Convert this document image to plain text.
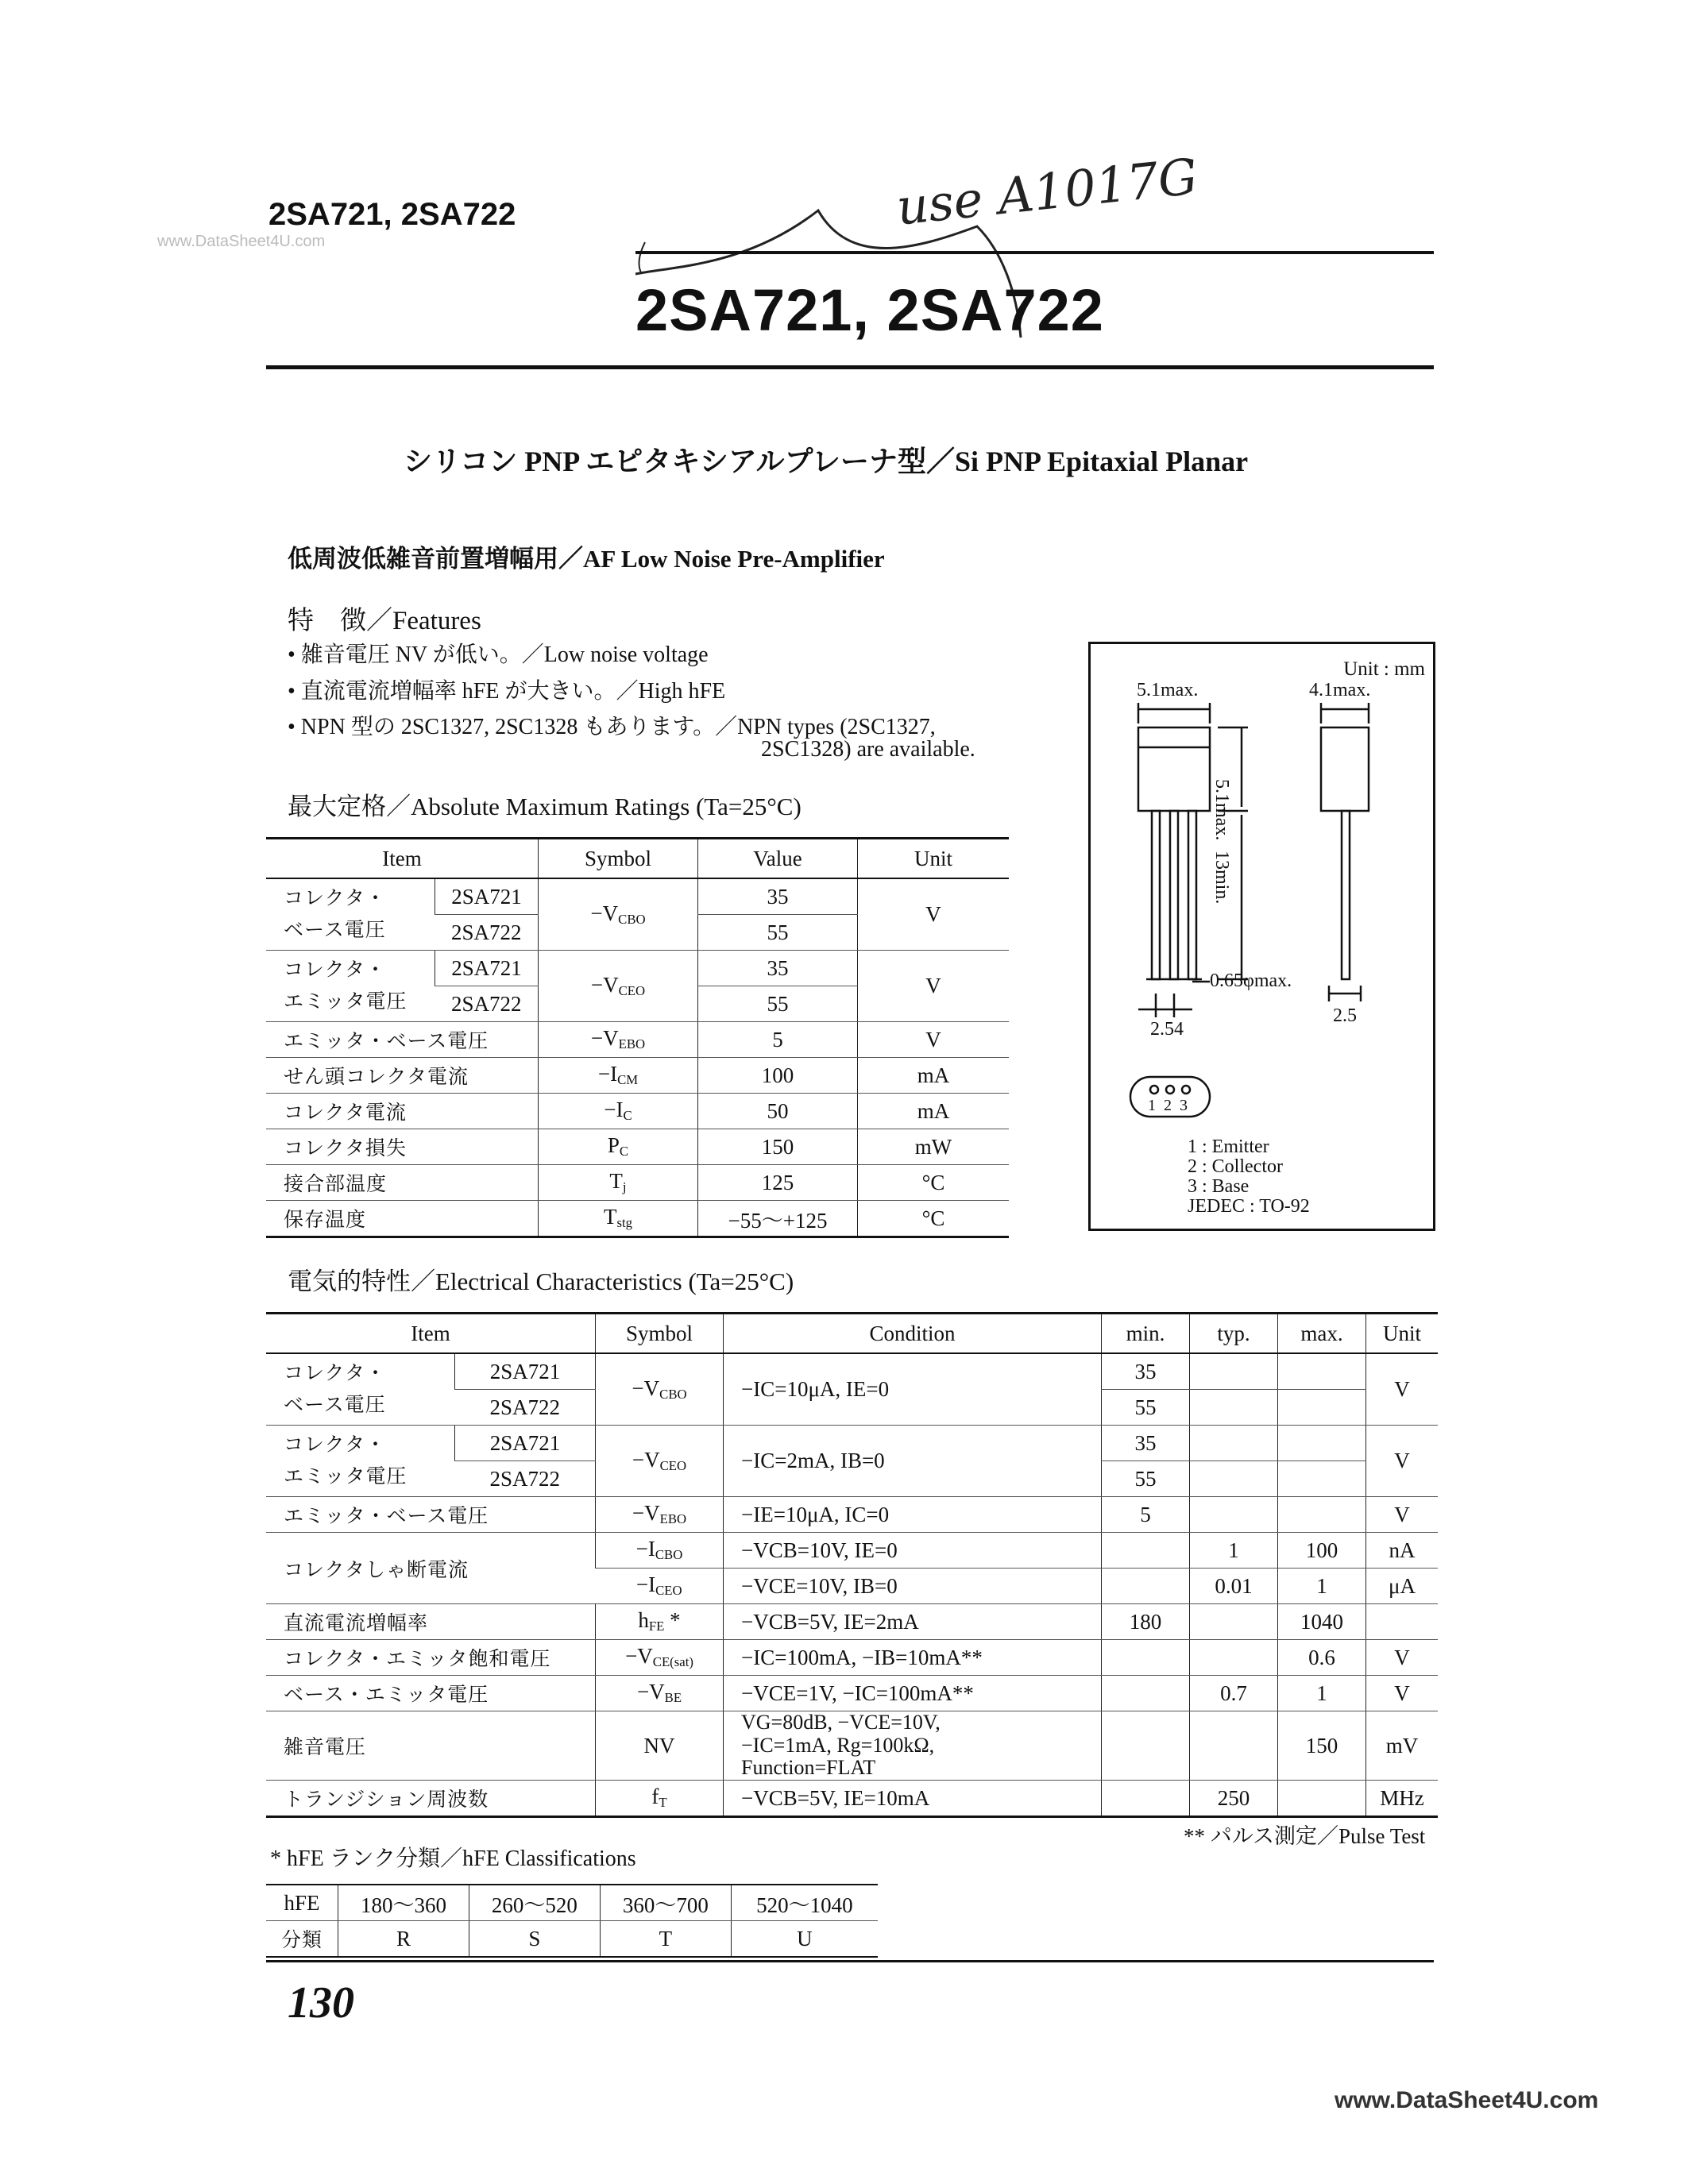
www.DataSheet4U.com
use A1017G
2SA721, 2SA722
2SA721, 2SA722
シリコン PNP エピタキシアルプレーナ型／Si PNP Epitaxial Planar
低周波低雑音前置増幅用／AF Low Noise Pre-Amplifier
特　徴／Features
• 雑音電圧 NV が低い。／Low noise voltage
• 直流電流増幅率 hFE が大きい。／High hFE
• NPN 型の 2SC1327, 2SC1328 もあります。／NPN types (2SC1327,
2SC1328) are available.
Unit : mm
5.1max.	4.1max.
5.1max.
13min.
0.65φmax.
2.54
2.5
1 2 3
1 : Emitter
2 : Collector
3 : Base
JEDEC : TO-92
最大定格／Absolute Maximum Ratings (Ta=25°C)
Item		Symbol	Value	Unit
コレクタ・
ベース電圧	2SA721	$-V_{CBO}$	35	V
	2SA722		55	
コレクタ・
エミッタ電圧	2SA721	$-V_{CEO}$	35	V
	2SA722		55	
エミッタ・ベース電圧		$-V_{EBO}$	5	V
せん頭コレクタ電流		$-I_{CM}$	100	mA
コレクタ電流		$-I_C$	50	mA
コレクタ損失		$P_C$	150	mW
接合部温度		$T_j$	125	°C
保存温度		$T_{stg}$	−55〜+125	°C
電気的特性／Electrical Characteristics (Ta=25°C)
Item		Symbol	Condition	min.	typ.	max.	Unit
コレクタ・
ベース電圧	2SA721	$-V_{CBO}$	−IC=10μA, IE=0	35			V
	2SA722			55			
コレクタ・
エミッタ電圧	2SA721	$-V_{CEO}$	−IC=2mA, IB=0	35			V
	2SA722			55			
エミッタ・ベース電圧		$-V_{EBO}$	−IE=10μA, IC=0	5			V
コレクタしゃ断電流		$-I_{CBO}$	−VCB=10V, IE=0		1	100	nA
		$-I_{CEO}$	−VCE=10V, IB=0		0.01	1	μA
直流電流増幅率		$h_{FE}$ *	−VCB=5V, IE=2mA	180		1040	
コレクタ・エミッタ飽和電圧		$-V_{CE(sat)}$	−IC=100mA, −IB=10mA**			0.6	V
ベース・エミッタ電圧		$-V_{BE}$	−VCE=1V, −IC=100mA**		0.7	1	V
雑音電圧		NV	VG=80dB, −VCE=10V,
−IC=1mA, Rg=100kΩ,
Function=FLAT			150	mV
トランジション周波数		$f_T$	−VCB=5V, IE=10mA		250		MHz
** パルス測定／Pulse Test
* hFE ランク分類／hFE Classifications
hFE	180〜360	260〜520	360〜700	520〜1040
分類	R	S	T	U
130
www.DataSheet4U.com
